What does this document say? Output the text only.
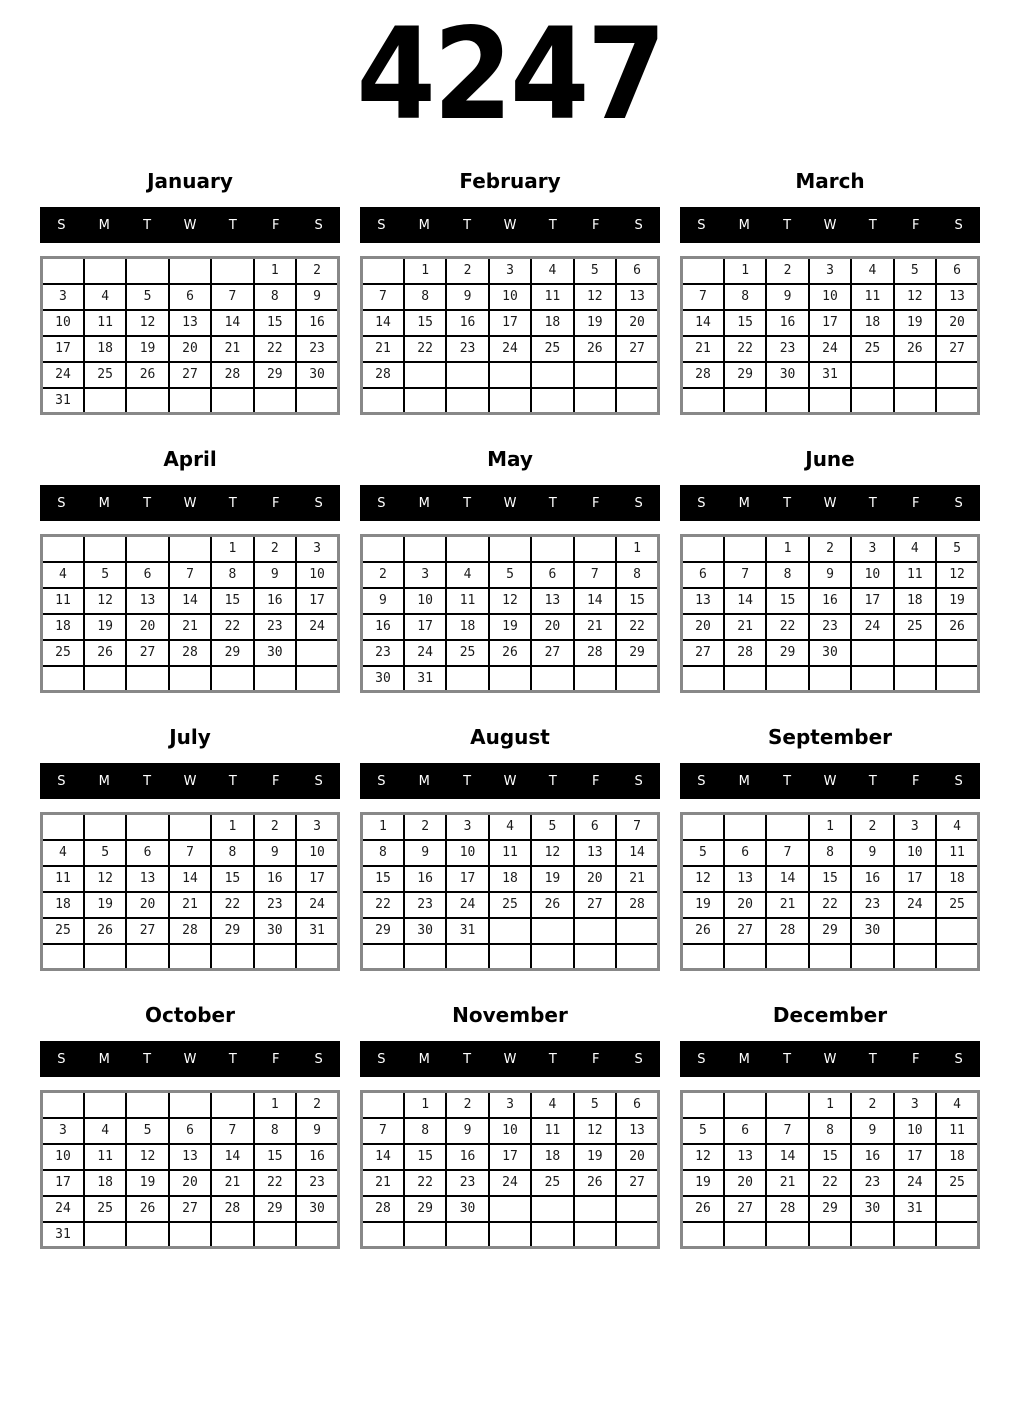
4247
January
S	M	T	W	T	F	S
					1	2
3	4	5	6	7	8	9
10	11	12	13	14	15	16
17	18	19	20	21	22	23
24	25	26	27	28	29	30
31						
February
S	M	T	W	T	F	S
	1	2	3	4	5	6
7	8	9	10	11	12	13
14	15	16	17	18	19	20
21	22	23	24	25	26	27
28						

March
S	M	T	W	T	F	S
	1	2	3	4	5	6
7	8	9	10	11	12	13
14	15	16	17	18	19	20
21	22	23	24	25	26	27
28	29	30	31			

April
S	M	T	W	T	F	S
				1	2	3
4	5	6	7	8	9	10
11	12	13	14	15	16	17
18	19	20	21	22	23	24
25	26	27	28	29	30	

May
S	M	T	W	T	F	S
						1
2	3	4	5	6	7	8
9	10	11	12	13	14	15
16	17	18	19	20	21	22
23	24	25	26	27	28	29
30	31					
June
S	M	T	W	T	F	S
		1	2	3	4	5
6	7	8	9	10	11	12
13	14	15	16	17	18	19
20	21	22	23	24	25	26
27	28	29	30			

July
S	M	T	W	T	F	S
				1	2	3
4	5	6	7	8	9	10
11	12	13	14	15	16	17
18	19	20	21	22	23	24
25	26	27	28	29	30	31

August
S	M	T	W	T	F	S
1	2	3	4	5	6	7
8	9	10	11	12	13	14
15	16	17	18	19	20	21
22	23	24	25	26	27	28
29	30	31				

September
S	M	T	W	T	F	S
			1	2	3	4
5	6	7	8	9	10	11
12	13	14	15	16	17	18
19	20	21	22	23	24	25
26	27	28	29	30		

October
S	M	T	W	T	F	S
					1	2
3	4	5	6	7	8	9
10	11	12	13	14	15	16
17	18	19	20	21	22	23
24	25	26	27	28	29	30
31						
November
S	M	T	W	T	F	S
	1	2	3	4	5	6
7	8	9	10	11	12	13
14	15	16	17	18	19	20
21	22	23	24	25	26	27
28	29	30				

December
S	M	T	W	T	F	S
			1	2	3	4
5	6	7	8	9	10	11
12	13	14	15	16	17	18
19	20	21	22	23	24	25
26	27	28	29	30	31	
